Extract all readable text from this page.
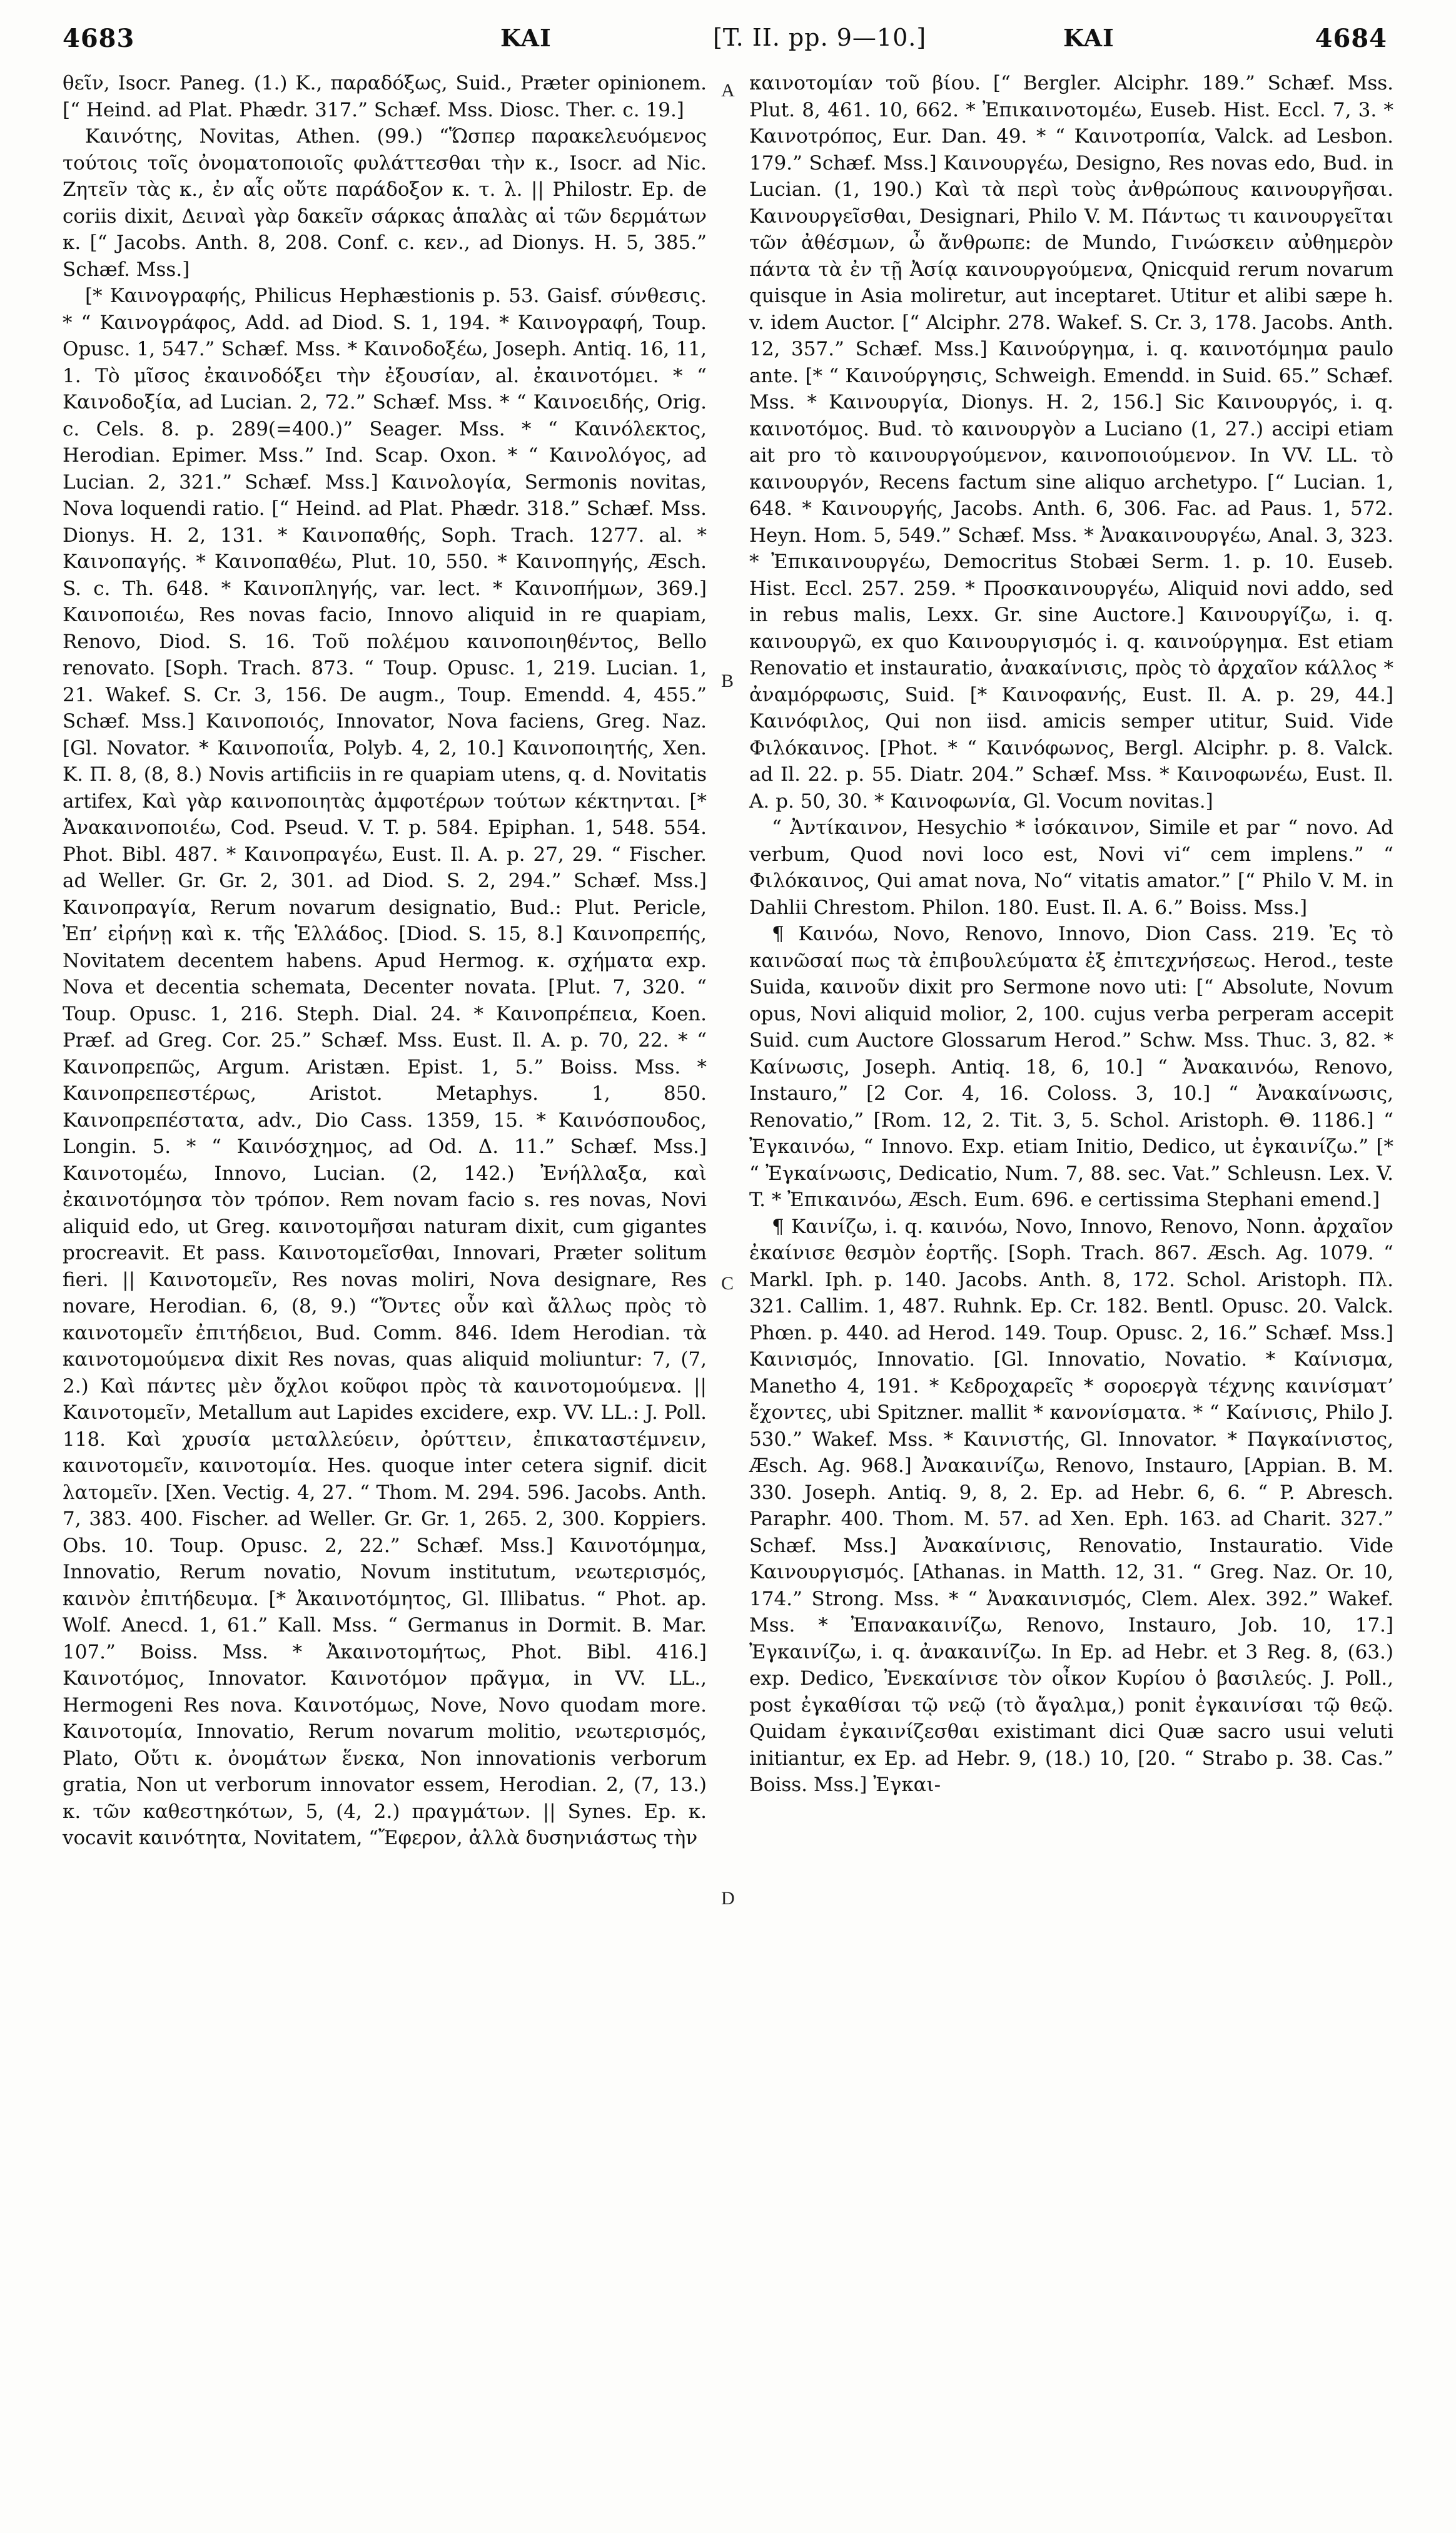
4683	KAI	[T. II. pp. 9—10.]	KAI	4684
A
B
C
D

θεῖν, Isocr. Paneg. (1.) K., παραδόξως, Suid., Præter opinionem. [“ Heind. ad Plat. Phædr. 317.” Schæf. Mss. Diosc. Ther. c. 19.]

Καινότης, Novitas, Athen. (99.) “Ὥσπερ παρακελευόμενος τούτοις τοῖς ὀνοματοποιοῖς φυλάττεσθαι τὴν κ., Isocr. ad Nic. Ζητεῖν τὰς κ., ἐν αἷς οὔτε παράδοξον κ. τ. λ. || Philostr. Ep. de coriis dixit, Δειναὶ γὰρ δακεῖν σάρκας ἁπαλὰς αἱ τῶν δερμάτων κ. [“ Jacobs. Anth. 8, 208. Conf. c. κεν., ad Dionys. H. 5, 385.” Schæf. Mss.]

[* Καινογραφής, Philicus Hephæstionis p. 53. Gaisf. σύνθεσις. * “ Καινογράφος, Add. ad Diod. S. 1, 194. * Καινογραφή, Toup. Opusc. 1, 547.” Schæf. Mss. * Καινοδοξέω, Joseph. Antiq. 16, 11, 1. Τὸ μῖσος ἐκαινοδόξει τὴν ἐξουσίαν, al. ἐκαινοτόμει. * “ Καινοδοξία, ad Lucian. 2, 72.” Schæf. Mss. * “ Καινοειδής, Orig. c. Cels. 8. p. 289(=400.)” Seager. Mss. * “ Καινόλεκτος, Herodian. Epimer. Mss.” Ind. Scap. Oxon. * “ Καινολόγος, ad Lucian. 2, 321.” Schæf. Mss.] Καινολογία, Sermonis novitas, Nova loquendi ratio. [“ Heind. ad Plat. Phædr. 318.” Schæf. Mss. Dionys. H. 2, 131. * Καινοπαθής, Soph. Trach. 1277. al. * Καινοπαγής. * Καινοπαθέω, Plut. 10, 550. * Καινοπηγής, Æsch. S. c. Th. 648. * Καινοπληγής, var. lect. * Καινοπήμων, 369.] Καινοποιέω, Res novas facio, Innovo aliquid in re quapiam, Renovo, Diod. S. 16. Τοῦ πολέμου καινοποιηθέντος, Bello renovato. [Soph. Trach. 873. “ Toup. Opusc. 1, 219. Lucian. 1, 21. Wakef. S. Cr. 3, 156. De augm., Toup. Emendd. 4, 455.” Schæf. Mss.] Καινοποιός, Innovator, Nova faciens, Greg. Naz. [Gl. Novator. * Καινοποιΐα, Polyb. 4, 2, 10.] Καινοποιητής, Xen. K. Π. 8, (8, 8.) Novis artificiis in re quapiam utens, q. d. Novitatis artifex, Καὶ γὰρ καινοποιητὰς ἀμφοτέρων τούτων κέκτηνται. [* Ἀνακαινοποιέω, Cod. Pseud. V. T. p. 584. Epiphan. 1, 548. 554. Phot. Bibl. 487. * Καινοπραγέω, Eust. Il. A. p. 27, 29. “ Fischer. ad Weller. Gr. Gr. 2, 301. ad Diod. S. 2, 294.” Schæf. Mss.] Καινοπραγία, Rerum novarum designatio, Bud.: Plut. Pericle, Ἐπ’ εἰρήνῃ καὶ κ. τῆς Ἑλλάδος. [Diod. S. 15, 8.] Καινοπρεπής, Novitatem decentem habens. Apud Hermog. κ. σχήματα exp. Nova et decentia schemata, Decenter novata. [Plut. 7, 320. “ Toup. Opusc. 1, 216. Steph. Dial. 24. * Καινοπρέπεια, Koen. Præf. ad Greg. Cor. 25.” Schæf. Mss. Eust. Il. A. p. 70, 22. * “ Καινοπρεπῶς, Argum. Aristæn. Epist. 1, 5.” Boiss. Mss. * Καινοπρεπεστέρως, Aristot. Metaphys. 1, 850. Καινοπρεπέστατα, adv., Dio Cass. 1359, 15. * Καινόσπουδος, Longin. 5. * “ Καινόσχημος, ad Od. Δ. 11.” Schæf. Mss.] Καινοτομέω, Innovo, Lucian. (2, 142.) Ἐνήλλαξα, καὶ ἐκαινοτόμησα τὸν τρόπον. Rem novam facio s. res novas, Novi aliquid edo, ut Greg. καινοτομῆσαι naturam dixit, cum gigantes procreavit. Et pass. Καινοτομεῖσθαι, Innovari, Præter solitum fieri. || Καινοτομεῖν, Res novas moliri, Nova designare, Res novare, Herodian. 6, (8, 9.) “Ὄντες οὖν καὶ ἄλλως πρὸς τὸ καινοτομεῖν ἐπιτήδειοι, Bud. Comm. 846. Idem Herodian. τὰ καινοτομούμενα dixit Res novas, quas aliquid moliuntur: 7, (7, 2.) Καὶ πάντες μὲν ὄχλοι κοῦφοι πρὸς τὰ καινοτομούμενα. || Καινοτομεῖν, Metallum aut Lapides excidere, exp. VV. LL.: J. Poll. 118. Καὶ χρυσία μεταλλεύειν, ὀρύττειν, ἐπικαταστέμνειν, καινοτομεῖν, καινοτομία. Hes. quoque inter cetera signif. dicit λατομεῖν. [Xen. Vectig. 4, 27. “ Thom. M. 294. 596. Jacobs. Anth. 7, 383. 400. Fischer. ad Weller. Gr. Gr. 1, 265. 2, 300. Koppiers. Obs. 10. Toup. Opusc. 2, 22.” Schæf. Mss.] Καινοτόμημα, Innovatio, Rerum novatio, Novum institutum, νεωτερισμός, καινὸν ἐπιτήδευμα. [* Ἀκαινοτόμητος, Gl. Illibatus. “ Phot. ap. Wolf. Anecd. 1, 61.” Kall. Mss. “ Germanus in Dormit. B. Mar. 107.” Boiss. Mss. * Ἀκαινοτομήτως, Phot. Bibl. 416.] Καινοτόμος, Innovator. Καινοτόμον πρᾶγμα, in VV. LL., Hermogeni Res nova. Καινοτόμως, Nove, Novo quodam more. Καινοτομία, Innovatio, Rerum novarum molitio, νεωτερισμός, Plato, Οὔτι κ. ὀνομάτων ἕνεκα, Non innovationis verborum gratia, Non ut verborum innovator essem, Herodian. 2, (7, 13.) κ. τῶν καθεστηκότων, 5, (4, 2.) πραγμάτων. || Synes. Ep. κ. vocavit καινότητα, Novitatem, “Ἔφερον, ἀλλὰ δυσηνιάστως τὴν

καινοτομίαν τοῦ βίου. [“ Bergler. Alciphr. 189.” Schæf. Mss. Plut. 8, 461. 10, 662. * Ἐπικαινοτομέω, Euseb. Hist. Eccl. 7, 3. * Καινοτρόπος, Eur. Dan. 49. * “ Καινοτροπία, Valck. ad Lesbon. 179.” Schæf. Mss.] Καινουργέω, Designo, Res novas edo, Bud. in Lucian. (1, 190.) Καὶ τὰ περὶ τοὺς ἀνθρώπους καινουργῆσαι. Καινουργεῖσθαι, Designari, Philo V. M. Πάντως τι καινουργεῖται τῶν ἀθέσμων, ὦ ἄνθρωπε: de Mundo, Γινώσκειν αὐθημερὸν πάντα τὰ ἐν τῇ Ἀσίᾳ καινουργούμενα, Qnicquid rerum novarum quisque in Asia moliretur, aut inceptaret. Utitur et alibi sæpe h. v. idem Auctor. [“ Alciphr. 278. Wakef. S. Cr. 3, 178. Jacobs. Anth. 12, 357.” Schæf. Mss.] Καινούργημα, i. q. καινοτόμημα paulo ante. [* “ Καινούργησις, Schweigh. Emendd. in Suid. 65.” Schæf. Mss. * Καινουργία, Dionys. H. 2, 156.] Sic Καινουργός, i. q. καινοτόμος. Bud. τὸ καινουργὸν a Luciano (1, 27.) accipi etiam ait pro τὸ καινουργούμενον, καινοποιούμενον. In VV. LL. τὸ καινουργόν, Recens factum sine aliquo archetypo. [“ Lucian. 1, 648. * Καινουργής, Jacobs. Anth. 6, 306. Fac. ad Paus. 1, 572. Heyn. Hom. 5, 549.” Schæf. Mss. * Ἀνακαινουργέω, Anal. 3, 323. * Ἐπικαινουργέω, Democritus Stobæi Serm. 1. p. 10. Euseb. Hist. Eccl. 257. 259. * Προσκαινουργέω, Aliquid novi addo, sed in rebus malis, Lexx. Gr. sine Auctore.] Καινουργίζω, i. q. καινουργῶ, ex quo Καινουργισμός i. q. καινούργημα. Est etiam Renovatio et instauratio, ἀνακαίνισις, πρὸς τὸ ἀρχαῖον κάλλος * ἀναμόρφωσις, Suid. [* Καινοφανής, Eust. Il. A. p. 29, 44.] Καινόφιλος, Qui non iisd. amicis semper utitur, Suid. Vide Φιλόκαινος. [Phot. * “ Καινόφωνος, Bergl. Alciphr. p. 8. Valck. ad Il. 22. p. 55. Diatr. 204.” Schæf. Mss. * Καινοφωνέω, Eust. Il. A. p. 50, 30. * Καινοφωνία, Gl. Vocum novitas.]

“ Ἀντίκαινον, Hesychio * ἰσόκαινον, Simile et par “ novo. Ad verbum, Quod novi loco est, Novi vi“ cem implens.” “ Φιλόκαινος, Qui amat nova, No“ vitatis amator.” [“ Philo V. M. in Dahlii Chrestom. Philon. 180. Eust. Il. A. 6.” Boiss. Mss.]

¶ Καινόω, Novo, Renovo, Innovo, Dion Cass. 219. Ἐς τὸ καινῶσαί πως τὰ ἐπιβουλεύματα ἐξ ἐπιτεχνήσεως. Herod., teste Suida, καινοῦν dixit pro Sermone novo uti: [“ Absolute, Novum opus, Novi aliquid molior, 2, 100. cujus verba perperam accepit Suid. cum Auctore Glossarum Herod.” Schw. Mss. Thuc. 3, 82. * Καίνωσις, Joseph. Antiq. 18, 6, 10.] “ Ἀνακαινόω, Renovo, Instauro,” [2 Cor. 4, 16. Coloss. 3, 10.] “ Ἀνακαίνωσις, Renovatio,” [Rom. 12, 2. Tit. 3, 5. Schol. Aristoph. Θ. 1186.] “ Ἐγκαινόω, “ Innovo. Exp. etiam Initio, Dedico, ut ἐγκαινίζω.” [* “ Ἐγκαίνωσις, Dedicatio, Num. 7, 88. sec. Vat.” Schleusn. Lex. V. T. * Ἐπικαινόω, Æsch. Eum. 696. e certissima Stephani emend.]

¶ Καινίζω, i. q. καινόω, Novo, Innovo, Renovo, Nonn. ἀρχαῖον ἐκαίνισε θεσμὸν ἑορτῆς. [Soph. Trach. 867. Æsch. Ag. 1079. “ Markl. Iph. p. 140. Jacobs. Anth. 8, 172. Schol. Aristoph. Πλ. 321. Callim. 1, 487. Ruhnk. Ep. Cr. 182. Bentl. Opusc. 20. Valck. Phœn. p. 440. ad Herod. 149. Toup. Opusc. 2, 16.” Schæf. Mss.] Καινισμός, Innovatio. [Gl. Innovatio, Novatio. * Καίνισμα, Manetho 4, 191. * Κεδροχαρεῖς * σοροεργὰ τέχνης καινίσματ’ ἔχοντες, ubi Spitzner. mallit * κανονίσματα. * “ Καίνισις, Philo J. 530.” Wakef. Mss. * Καινιστής, Gl. Innovator. * Παγκαίνιστος, Æsch. Ag. 968.] Ἀνακαινίζω, Renovo, Instauro, [Appian. B. M. 330. Joseph. Antiq. 9, 8, 2. Ep. ad Hebr. 6, 6. “ P. Abresch. Paraphr. 400. Thom. M. 57. ad Xen. Eph. 163. ad Charit. 327.” Schæf. Mss.] Ἀνακαίνισις, Renovatio, Instauratio. Vide Καινουργισμός. [Athanas. in Matth. 12, 31. “ Greg. Naz. Or. 10, 174.” Strong. Mss. * “ Ἀνακαινισμός, Clem. Alex. 392.” Wakef. Mss. * Ἐπανακαινίζω, Renovo, Instauro, Job. 10, 17.] Ἐγκαινίζω, i. q. ἀνακαινίζω. In Ep. ad Hebr. et 3 Reg. 8, (63.) exp. Dedico, Ἐνεκαίνισε τὸν οἶκον Κυρίου ὁ βασιλεύς. J. Poll., post ἐγκαθίσαι τῷ νεῷ (τὸ ἄγαλμα,) ponit ἐγκαινίσαι τῷ θεῷ. Quidam ἐγκαινίζεσθαι existimant dici Quæ sacro usui veluti initiantur, ex Ep. ad Hebr. 9, (18.) 10, [20. “ Strabo p. 38. Cas.” Boiss. Mss.] Ἐγκαι-
